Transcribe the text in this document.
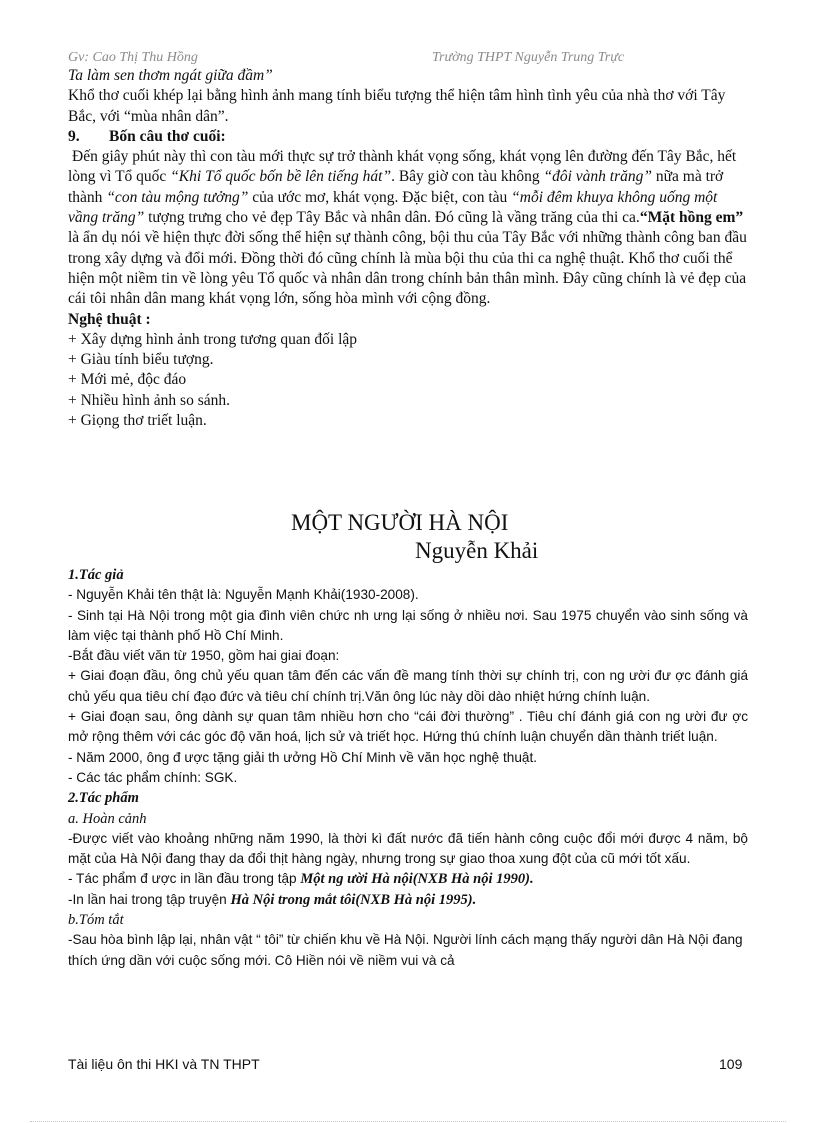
Gv: Cao Thị Thu Hồng	Trường THPT Nguyễn Trung Trực

Ta làm sen thơm ngát giữa đầm”

Khổ thơ cuối khép lại bằng hình ảnh mang tính biểu tượng thể hiện tâm hình tình yêu của nhà thơ với Tây Bắc, với “mùa nhân dân”.

9. Bốn câu thơ cuối:

Đến giây phút này thì con tàu mới thực sự trở thành khát vọng sống, khát vọng lên đường đến Tây Bắc, hết lòng vì Tổ quốc “Khi Tổ quốc bốn bề lên tiếng hát”. Bây giờ con tàu không “đôi vành trăng” nữa mà trở thành “con tàu mộng tưởng” của ước mơ, khát vọng. Đặc biệt, con tàu “mỗi đêm khuya không uống một vầng trăng” tượng trưng cho vẻ đẹp Tây Bắc và nhân dân. Đó cũng là vầng trăng của thi ca.“Mặt hồng em” là ẩn dụ nói về hiện thực đời sống thể hiện sự thành công, bội thu của Tây Bắc với những thành công ban đầu trong xây dựng và đổi mới. Đồng thời đó cũng chính là mùa bội thu của thi ca nghệ thuật. Khổ thơ cuối thể hiện một niềm tin về lòng yêu Tổ quốc và nhân dân trong chính bản thân mình. Đây cũng chính là vẻ đẹp của cái tôi nhân dân mang khát vọng lớn, sống hòa mình với cộng đồng.

Nghệ thuật :

+ Xây dựng hình ảnh trong tương quan đối lập

+ Giàu tính biểu tượng.

+ Mới mẻ, độc đáo

+ Nhiều hình ảnh so sánh.

+ Giọng thơ triết luận.

MỘT NGƯỜI HÀ NỘI
Nguyễn Khải

1.Tác giả

- Nguyễn Khải tên thật là: Nguyễn Mạnh Khải(1930-2008).

- Sinh tại Hà Nội trong một gia đình viên chức nh ưng lại sống ở nhiều nơi. Sau 1975 chuyển vào sinh sống và làm việc tại thành phố Hồ Chí Minh.

-Bắt đầu viết văn từ 1950, gồm hai giai đoạn:

+ Giai đoạn đầu, ông chủ yếu quan tâm đến các vấn đề mang tính thời sự chính trị, con ng ười đư ợc đánh giá chủ yếu qua tiêu chí đạo đức và tiêu chí chính trị.Văn ông lúc này dồi dào nhiệt hứng chính luận.

+ Giai đoạn sau, ông dành sự quan tâm nhiều hơn cho “cái đời thường” . Tiêu chí đánh giá con ng ười đư ợc mở rộng thêm với các góc độ văn hoá, lịch sử và triết học. Hứng thú chính luận chuyển dần thành triết luận.

- Năm 2000, ông đ ược tặng giải th ưởng Hồ Chí Minh về văn học nghệ thuật.

- Các tác phẩm chính: SGK.

2.Tác phẩm

a. Hoàn cảnh

-Được viết vào khoảng những năm 1990, là thời kì đất nước đã tiến hành công cuộc đổi mới được 4 năm, bộ mặt của Hà Nội đang thay da đổi thịt hàng ngày, nhưng trong sự giao thoa xung đột của cũ mới tốt xấu.

- Tác phẩm đ ược in lần đầu trong tập Một ng ười Hà nội(NXB Hà nội 1990).

-In lần hai trong tập truyện Hà Nội trong mắt tôi(NXB Hà nội 1995).

b.Tóm tắt

-Sau hòa bình lập lại, nhân vật “ tôi” từ chiến khu về Hà Nội. Người lính cách mạng thấy người dân Hà Nội đang thích ứng dần với cuộc sống mới. Cô Hiền nói về niềm vui và cả

Tài liệu ôn thi HKI và TN THPT	109
